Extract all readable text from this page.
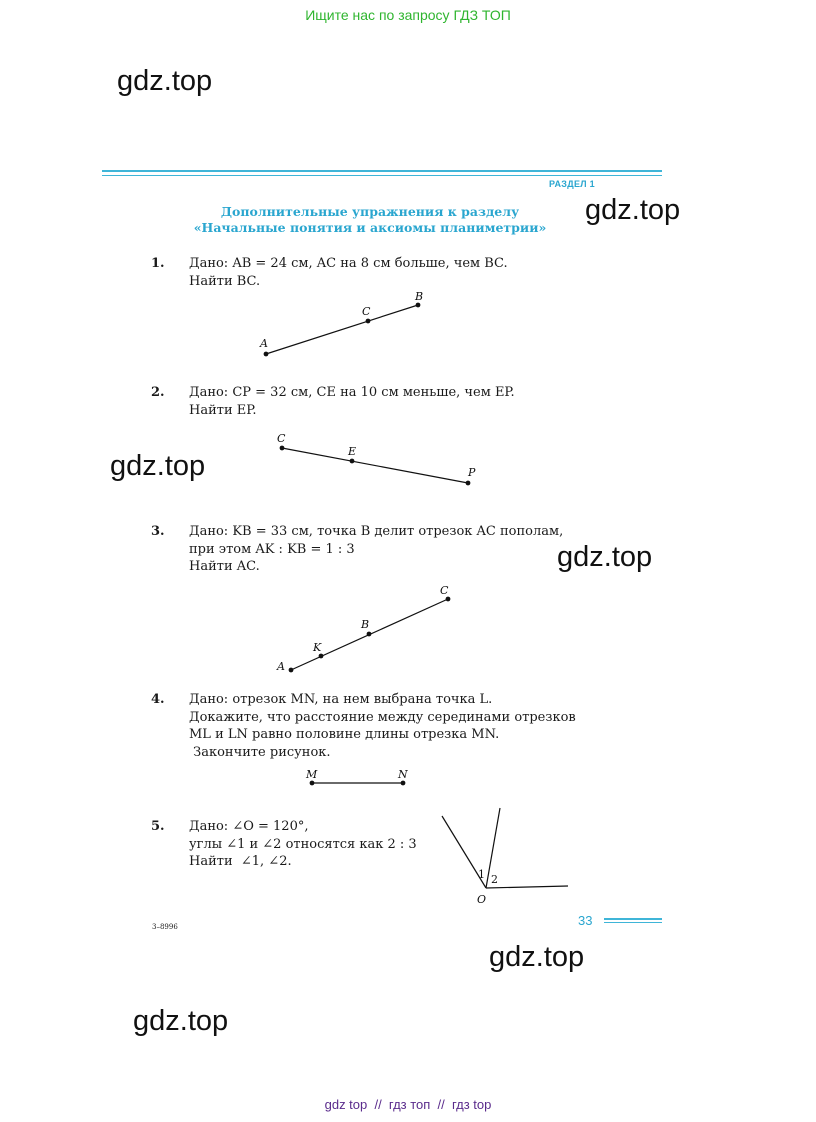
Ищите нас по запросу ГДЗ ТОП
gdz.top
gdz.top
gdz.top
gdz.top
gdz.top
gdz.top
РАЗДЕЛ 1
Дополнительные упражнения к разделу
«Начальные понятия и аксиомы планиметрии»
1. Дано: AB = 24 см, AC на 8 см больше, чем BC.
Найти BC.
A
C
B
2. Дано: CP = 32 см, CE на 10 см меньше, чем EP.
Найти EP.
C
E
P
3. Дано: KB = 33 см, точка B делит отрезок AC пополам,
при этом AK : KB = 1 : 3
Найти AC.
A
K
B
C
4. Дано: отрезок MN, на нем выбрана точка L.
Докажите, что расстояние между серединами отрезков
ML и LN равно половине длины отрезка MN.
Закончите рисунок.
M	N
5. Дано: ∠O = 120°,
углы ∠1 и ∠2 относятся как 2 : 3
Найти  ∠1, ∠2.
1 2
O
33
3–8996
gdz top  //  гдз топ  //  гдз top
